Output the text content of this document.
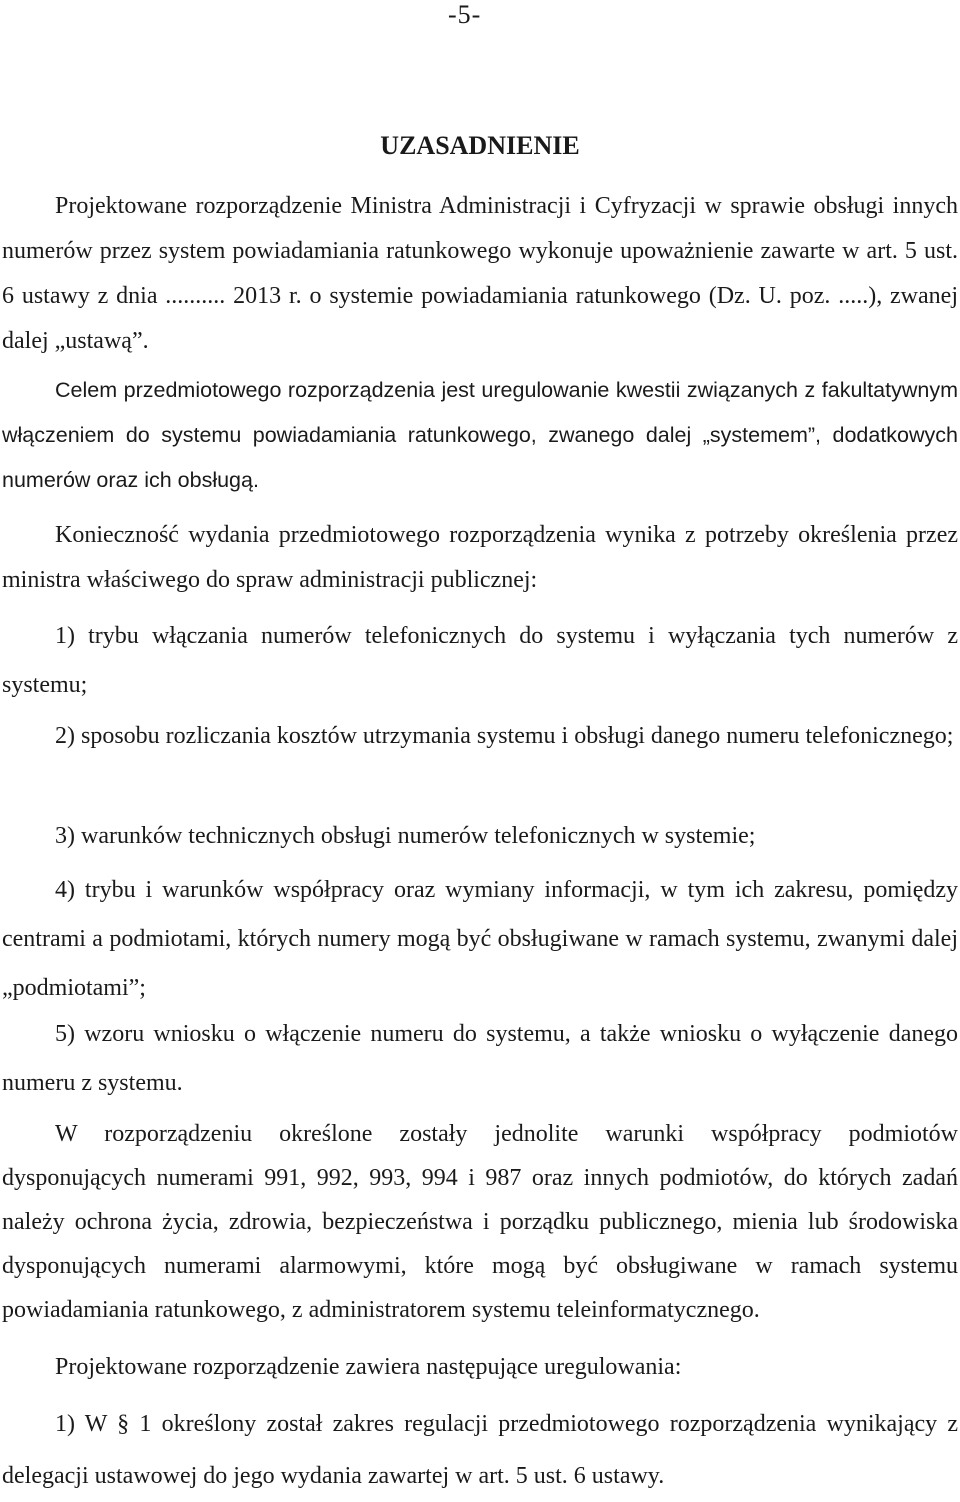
-5-
UZASADNIENIE

Projektowane rozporządzenie Ministra Administracji i Cyfryzacji w sprawie obsługi innych numerów przez system powiadamiania ratunkowego wykonuje upoważnienie zawarte w art. 5 ust. 6 ustawy z dnia .......... 2013 r. o systemie powiadamiania ratunkowego (Dz. U. poz. .....), zwanej dalej „ustawą”.

Celem przedmiotowego rozporządzenia jest uregulowanie kwestii związanych z fakultatywnym włączeniem do systemu powiadamiania ratunkowego, zwanego dalej „systemem”, dodatkowych numerów oraz ich obsługą.

Konieczność wydania przedmiotowego rozporządzenia wynika z potrzeby określenia przez ministra właściwego do spraw administracji publicznej:

1) trybu włączania numerów telefonicznych do systemu i wyłączania tych numerów z systemu;

2) sposobu rozliczania kosztów utrzymania systemu i obsługi danego numeru telefonicznego;

3) warunków technicznych obsługi numerów telefonicznych w systemie;

4) trybu i warunków współpracy oraz wymiany informacji, w tym ich zakresu, pomiędzy centrami a podmiotami, których numery mogą być obsługiwane w ramach systemu, zwanymi dalej „podmiotami”;

5) wzoru wniosku o włączenie numeru do systemu, a także wniosku o wyłączenie danego numeru z systemu.

W rozporządzeniu określone zostały jednolite warunki współpracy podmiotów dysponujących numerami 991, 992, 993, 994 i 987 oraz innych podmiotów, do których zadań należy ochrona życia, zdrowia, bezpieczeństwa i porządku publicznego, mienia lub środowiska dysponujących numerami alarmowymi, które mogą być obsługiwane w ramach systemu powiadamiania ratunkowego, z administratorem systemu teleinformatycznego.

Projektowane rozporządzenie zawiera następujące uregulowania:

1) W § 1 określony został zakres regulacji przedmiotowego rozporządzenia wynikający z delegacji ustawowej do jego wydania zawartej w art. 5 ust. 6 ustawy.
